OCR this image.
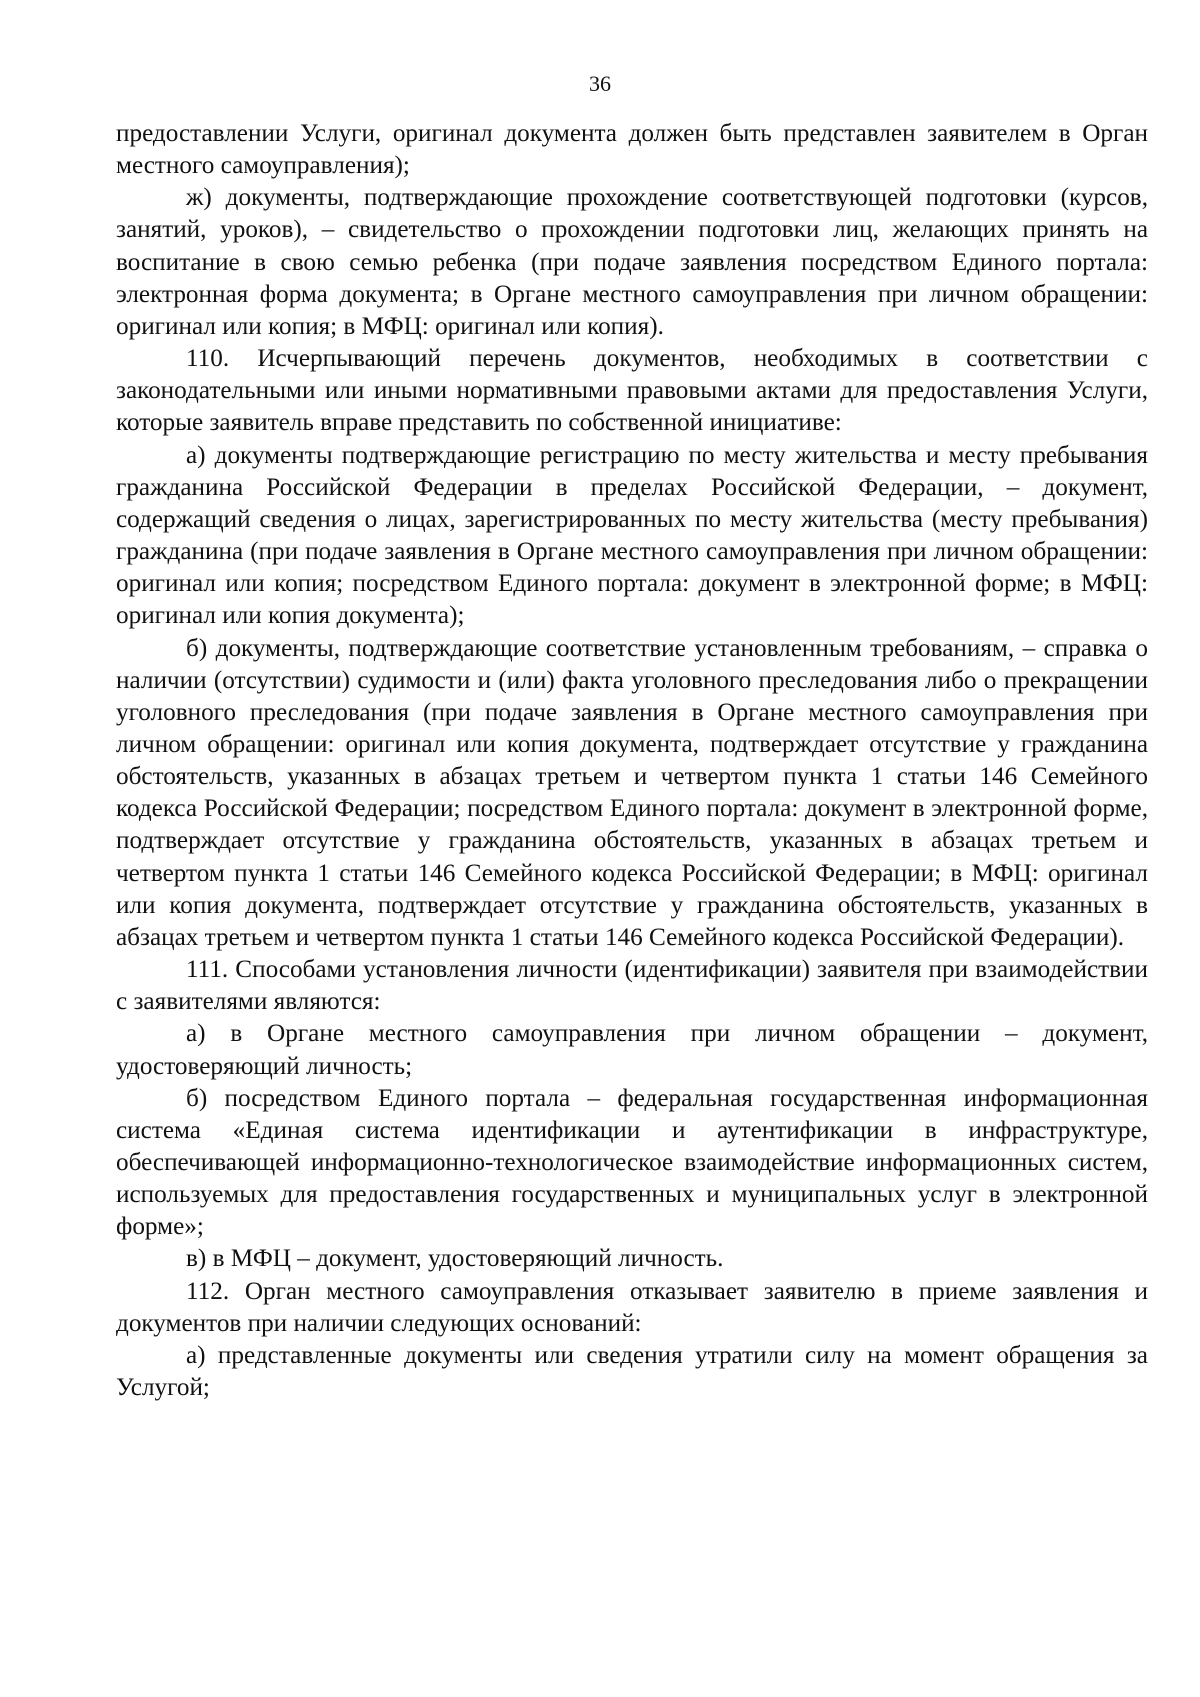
36

предоставлении Услуги, оригинал документа должен быть представлен заявителем в Орган местного самоуправления);

ж) документы, подтверждающие прохождение соответствующей подготовки (курсов, занятий, уроков), – свидетельство о прохождении подготовки лиц, желающих принять на воспитание в свою семью ребенка (при подаче заявления посредством Единого портала: электронная форма документа; в Органе местного самоуправления при личном обращении: оригинал или копия; в МФЦ: оригинал или копия).

110. Исчерпывающий перечень документов, необходимых в соответствии с законодательными или иными нормативными правовыми актами для предоставления Услуги, которые заявитель вправе представить по собственной инициативе:

а) документы подтверждающие регистрацию по месту жительства и месту пребывания гражданина Российской Федерации в пределах Российской Федерации, – документ, содержащий сведения о лицах, зарегистрированных по месту жительства (месту пребывания) гражданина (при подаче заявления в Органе местного самоуправления при личном обращении: оригинал или копия; посредством Единого портала: документ в электронной форме; в МФЦ: оригинал или копия документа);

б) документы, подтверждающие соответствие установленным требованиям, – справка о наличии (отсутствии) судимости и (или) факта уголовного преследования либо о прекращении уголовного преследования (при подаче заявления в Органе местного самоуправления при личном обращении: оригинал или копия документа, подтверждает отсутствие у гражданина обстоятельств, указанных в абзацах третьем и четвертом пункта 1 статьи 146 Семейного кодекса Российской Федерации; посредством Единого портала: документ в электронной форме, подтверждает отсутствие у гражданина обстоятельств, указанных в абзацах третьем и четвертом пункта 1 статьи 146 Семейного кодекса Российской Федерации; в МФЦ: оригинал или копия документа, подтверждает отсутствие у гражданина обстоятельств, указанных в абзацах третьем и четвертом пункта 1 статьи 146 Семейного кодекса Российской Федерации).

111. Способами установления личности (идентификации) заявителя при взаимодействии с заявителями являются:

а) в Органе местного самоуправления при личном обращении – документ, удостоверяющий личность;

б) посредством Единого портала – федеральная государственная информационная система «Единая система идентификации и аутентификации в инфраструктуре, обеспечивающей информационно-технологическое взаимодействие информационных систем, используемых для предоставления государственных и муниципальных услуг в электронной форме»;

в) в МФЦ – документ, удостоверяющий личность.

112. Орган местного самоуправления отказывает заявителю в приеме заявления и документов при наличии следующих оснований:

а) представленные документы или сведения утратили силу на момент обращения за Услугой;
